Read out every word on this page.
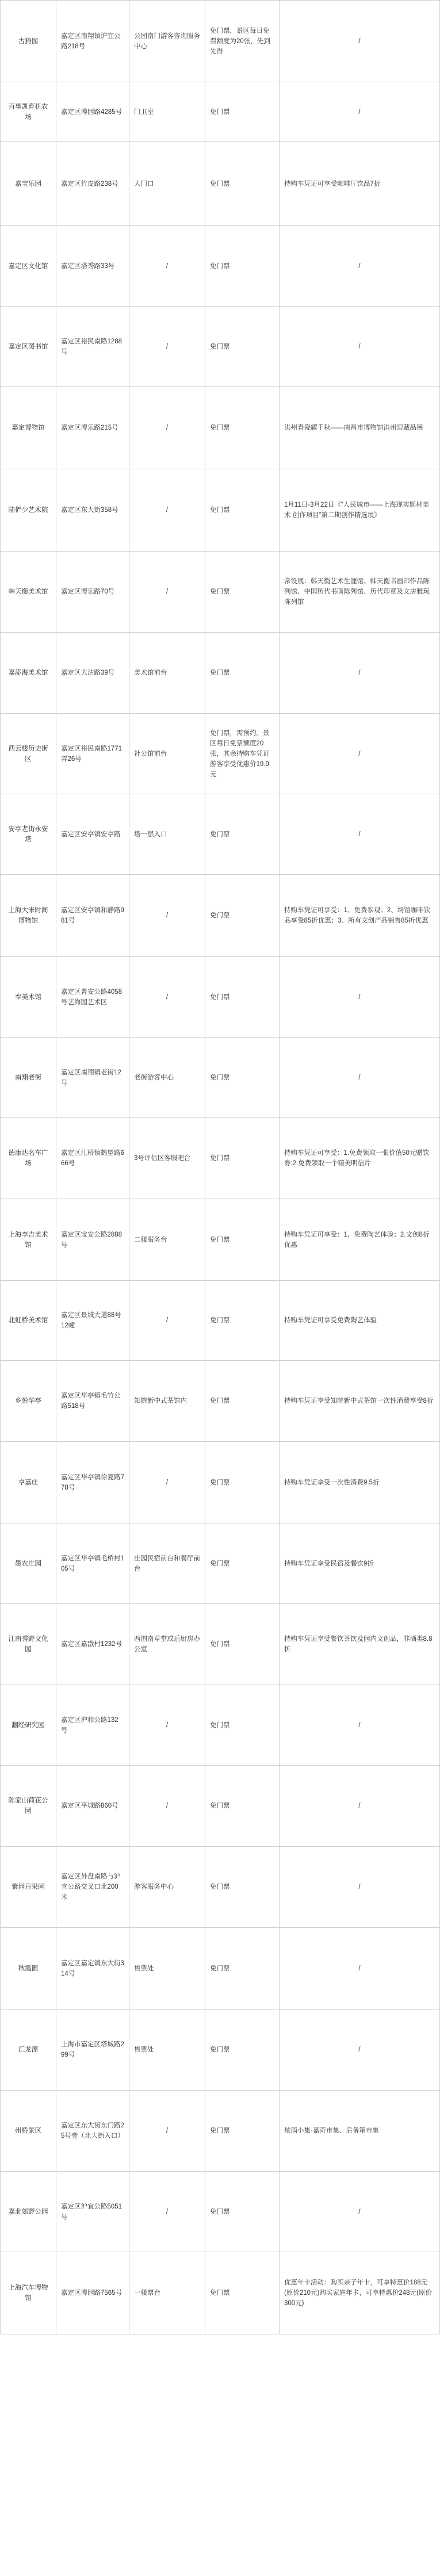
古猗园	嘉定区南翔镇沪宜公路218号	公园南门游客咨询服务中心	免门票，景区每日免票额度为20张，先到先得	/
百事凯育机农场	嘉定区博园路4285号	门卫室	免门票	/
嘉宝乐园	嘉定区竹皮路238号	大门口	免门票	持购车凭证可享受咖啡厅饮品7折
嘉定区文化馆	嘉定区塔秀路33号	/	免门票	/
嘉定区图书馆	嘉定区裕民南路1288号	/	免门票	/
嘉定博物馆	嘉定区博乐路215号	/	免门票	洪州青瓷耀千秋——南昌市博物馆洪州窑藏品展
陆俨少艺术院	嘉定区东大街358号	/	免门票	1月11日-3月22日《“人民城市——上海现实题材美术 创作项目”第二期创作精选展》
韩天衡美术馆	嘉定区博乐路70号	/	免门票	常设展：韩天衡艺术生涯馆、韩天衡书画印作品陈列馆、中国历代书画陈列馆、历代印章及文房雅玩陈列馆
嘉添海美术馆	嘉定区大沽路39号	美术馆前台	免门票	/
西云楼历史街区	嘉定区裕民南路1771弄26号	社公馆前台	免门票，需预约。景区每日免票额度20张，其余持购车凭证游客享受优惠价19.9元	/
安亭老街永安塔	嘉定区安亭镇安亭路	塔一层入口	免门票	/
上海大来时间博物馆	嘉定区安亭镇和静路981号	/	免门票	持购车凭证可享受：1、免费参观；2、场馆咖啡饮品享受85折优惠；3、所有文创产品销售85折优惠
奉美术馆	嘉定区曹安公路4058号艺海园艺术区	/	免门票	/
南翔老街	嘉定区南翔镇老街12号	老街游客中心	免门票	/
德康达名车广场	嘉定区江桥镇鹤望路666号	3号评估区客服吧台	免门票	持购车凭证可享受：1.免费领取一张价值50元赠饮券;2.免费领取一个精美明信片
上海李吉美术馆	嘉定区宝安公路2888号	二楼服务台	免门票	持购车凭证可享受：1、免费陶艺体验；2.文创8折优惠
北虹桥美术馆	嘉定区景城大道88号12幢	/	免门票	持购车凭证可享受免费陶艺体验
乡悦华亭	嘉定区华亭镇毛竹公路518号	知院新中式茶馆内	免门票	持购车凭证享受知院新中式茶馆一次性消费享受8折
亨嘉庄	嘉定区华亭镇徐夏路778号	/	免门票	持购车凭证享受一次性消费9.5折
愚农庄园	嘉定区华亭镇毛桥村105号	庄园民宿前台和餐厅前台	免门票	持购车凭证享受民宿及餐饮9折
江南秀野文化园	嘉定区嘉戬村1232号	西围南草堂或后厨房办公室	免门票	持购车凭证享受餐饮茶饮及园内文创品，非酒类8.8折
翻经研究园	嘉定区沪和公路132号	/	免门票	/
陈家山荷花公园	嘉定区平城路860号	/	免门票	/
紫园百果园	嘉定区外盘南路与沪宜公路交叉口北200米	游客服务中心	免门票	/
秋霞圃	嘉定区嘉定镇东大街314号	售票处	免门票	/
汇龙潭	上海市嘉定区塔城路299号	售票处	免门票	/
州桥景区	嘉定区东大街东门路25号旁（北大街入口）	/	免门票	炫雨小集·嘉奇市集、后备箱市集
嘉北郊野公园	嘉定区沪宜公路5051号	/	免门票	/
上海汽车博物馆	嘉定区博园路7565号	一楼票台	免门票	优惠年卡活动：购买亲子年卡，可享特惠价188元(原价210元)购买家庭年卡，可享特惠价248元(原价300元)
